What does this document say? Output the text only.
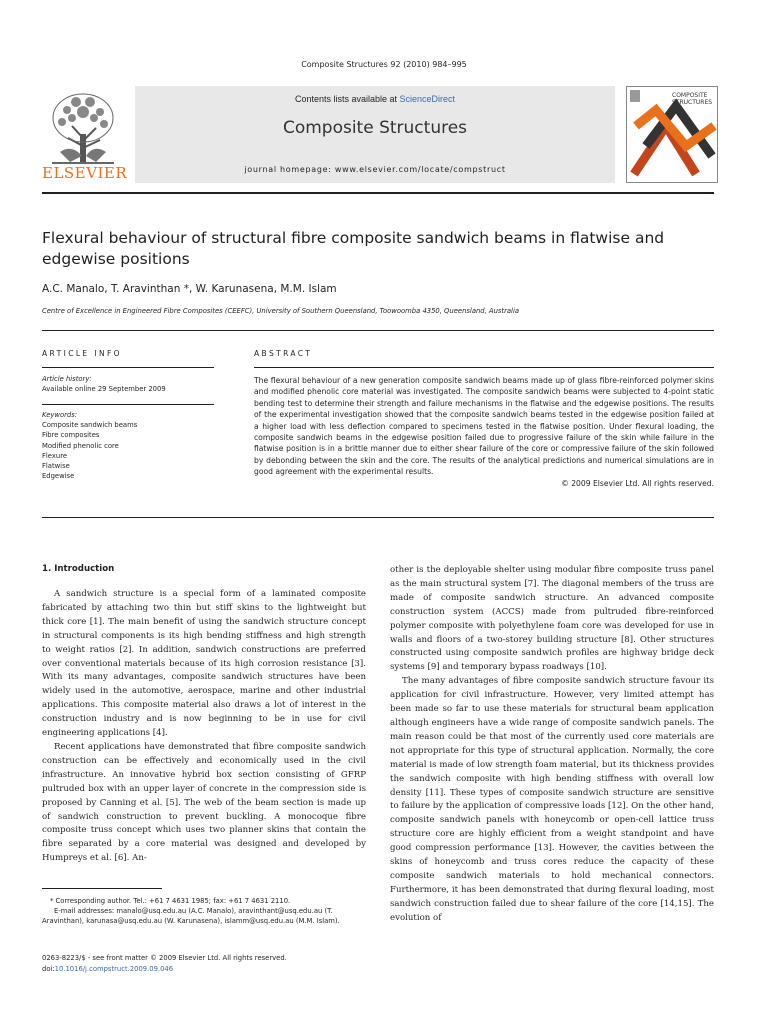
Composite Structures 92 (2010) 984–995
ELSEVIER
Contents lists available at ScienceDirect
Composite Structures
journal homepage: www.elsevier.com/locate/compstruct
COMPOSITE
STRUCTURES
Flexural behaviour of structural fibre composite sandwich beams in flatwise and edgewise positions
A.C. Manalo, T. Aravinthan *, W. Karunasena, M.M. Islam
Centre of Excellence in Engineered Fibre Composites (CEEFC), University of Southern Queensland, Toowoomba 4350, Queensland, Australia
ARTICLE INFO
Article history:
Available online 29 September 2009
Keywords:
Composite sandwich beams
Fibre composites
Modified phenolic core
Flexure
Flatwise
Edgewise
ABSTRACT
The flexural behaviour of a new generation composite sandwich beams made up of glass fibre-reinforced polymer skins and modified phenolic core material was investigated. The composite sandwich beams were subjected to 4-point static bending test to determine their strength and failure mechanisms in the flatwise and the edgewise positions. The results of the experimental investigation showed that the composite sandwich beams tested in the edgewise position failed at a higher load with less deflection compared to specimens tested in the flatwise position. Under flexural loading, the composite sandwich beams in the edgewise position failed due to progressive failure of the skin while failure in the flatwise position is in a brittle manner due to either shear failure of the core or compressive failure of the skin followed by debonding between the skin and the core. The results of the analytical predictions and numerical simulations are in good agreement with the experimental results.
© 2009 Elsevier Ltd. All rights reserved.
1. Introduction

A sandwich structure is a special form of a laminated composite fabricated by attaching two thin but stiff skins to the lightweight but thick core [1]. The main benefit of using the sandwich structure concept in structural components is its high bending stiffness and high strength to weight ratios [2]. In addition, sandwich constructions are preferred over conventional materials because of its high corrosion resistance [3]. With its many advantages, composite sandwich structures have been widely used in the automotive, aerospace, marine and other industrial applications. This composite material also draws a lot of interest in the construction industry and is now beginning to be in use for civil engineering applications [4].

Recent applications have demonstrated that fibre composite sandwich construction can be effectively and economically used in the civil infrastructure. An innovative hybrid box section consisting of GFRP pultruded box with an upper layer of concrete in the compression side is proposed by Canning et al. [5]. The web of the beam section is made up of sandwich construction to prevent buckling. A monocoque fibre composite truss concept which uses two planner skins that contain the fibre separated by a core material was designed and developed by Humpreys et al. [6]. An-

other is the deployable shelter using modular fibre composite truss panel as the main structural system [7]. The diagonal members of the truss are made of composite sandwich structure. An advanced composite construction system (ACCS) made from pultruded fibre-reinforced polymer composite with polyethylene foam core was developed for use in walls and floors of a two-storey building structure [8]. Other structures constructed using composite sandwich profiles are highway bridge deck systems [9] and temporary bypass roadways [10].

The many advantages of fibre composite sandwich structure favour its application for civil infrastructure. However, very limited attempt has been made so far to use these materials for structural beam application although engineers have a wide range of composite sandwich panels. The main reason could be that most of the currently used core materials are not appropriate for this type of structural application. Normally, the core material is made of low strength foam material, but its thickness provides the sandwich composite with high bending stiffness with overall low density [11]. These types of composite sandwich structure are sensitive to failure by the application of compressive loads [12]. On the other hand, composite sandwich panels with honeycomb or open-cell lattice truss structure core are highly efficient from a weight standpoint and have good compression performance [13]. However, the cavities between the skins of honeycomb and truss cores reduce the capacity of these composite sandwich materials to hold mechanical connectors. Furthermore, it has been demonstrated that during flexural loading, most sandwich construction failed due to shear failure of the core [14,15]. The evolution of

* Corresponding author. Tel.: +61 7 4631 1985; fax: +61 7 4631 2110.
E-mail addresses: manalo@usq.edu.au (A.C. Manalo), aravinthant@usq.edu.au (T. Aravinthan), karunasa@usq.edu.au (W. Karunasena), islamm@usq.edu.au (M.M. Islam).
0263-8223/$ - see front matter © 2009 Elsevier Ltd. All rights reserved.
doi:10.1016/j.compstruct.2009.09.046
